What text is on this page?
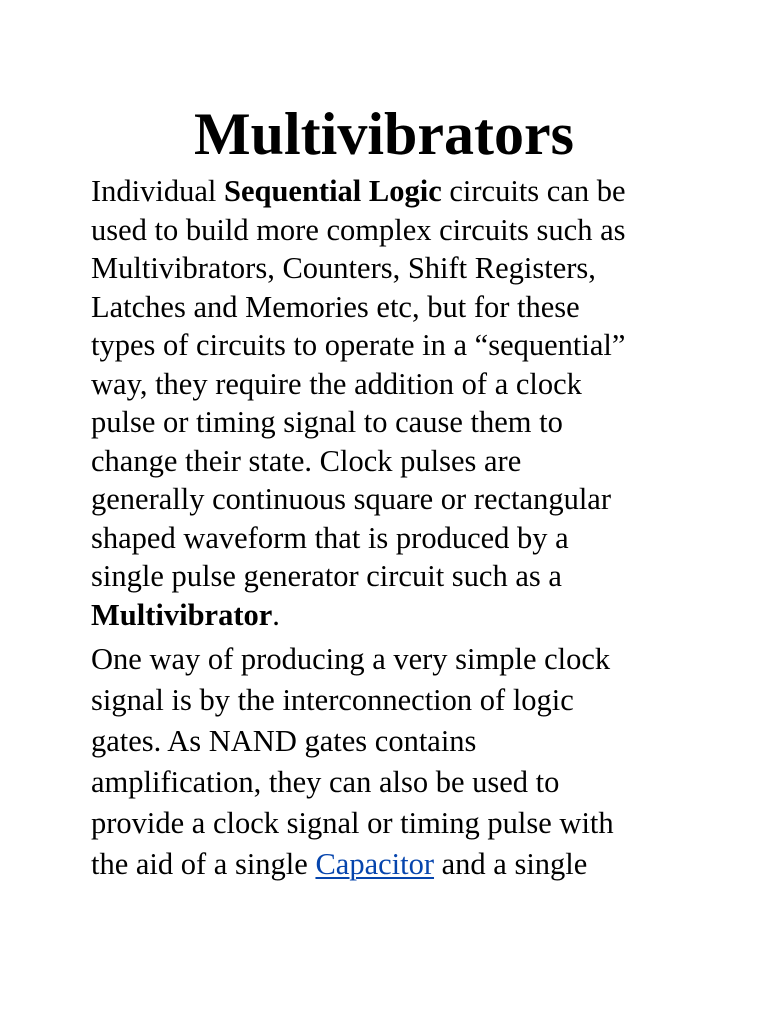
Multivibrators
Individual Sequential Logic circuits can be
used to build more complex circuits such as
Multivibrators, Counters, Shift Registers,
Latches and Memories etc, but for these
types of circuits to operate in a “sequential”
way, they require the addition of a clock
pulse or timing signal to cause them to
change their state. Clock pulses are
generally continuous square or rectangular
shaped waveform that is produced by a
single pulse generator circuit such as a
Multivibrator.
One way of producing a very simple clock
signal is by the interconnection of logic
gates. As NAND gates contains
amplification, they can also be used to
provide a clock signal or timing pulse with
the aid of a single Capacitor and a single
